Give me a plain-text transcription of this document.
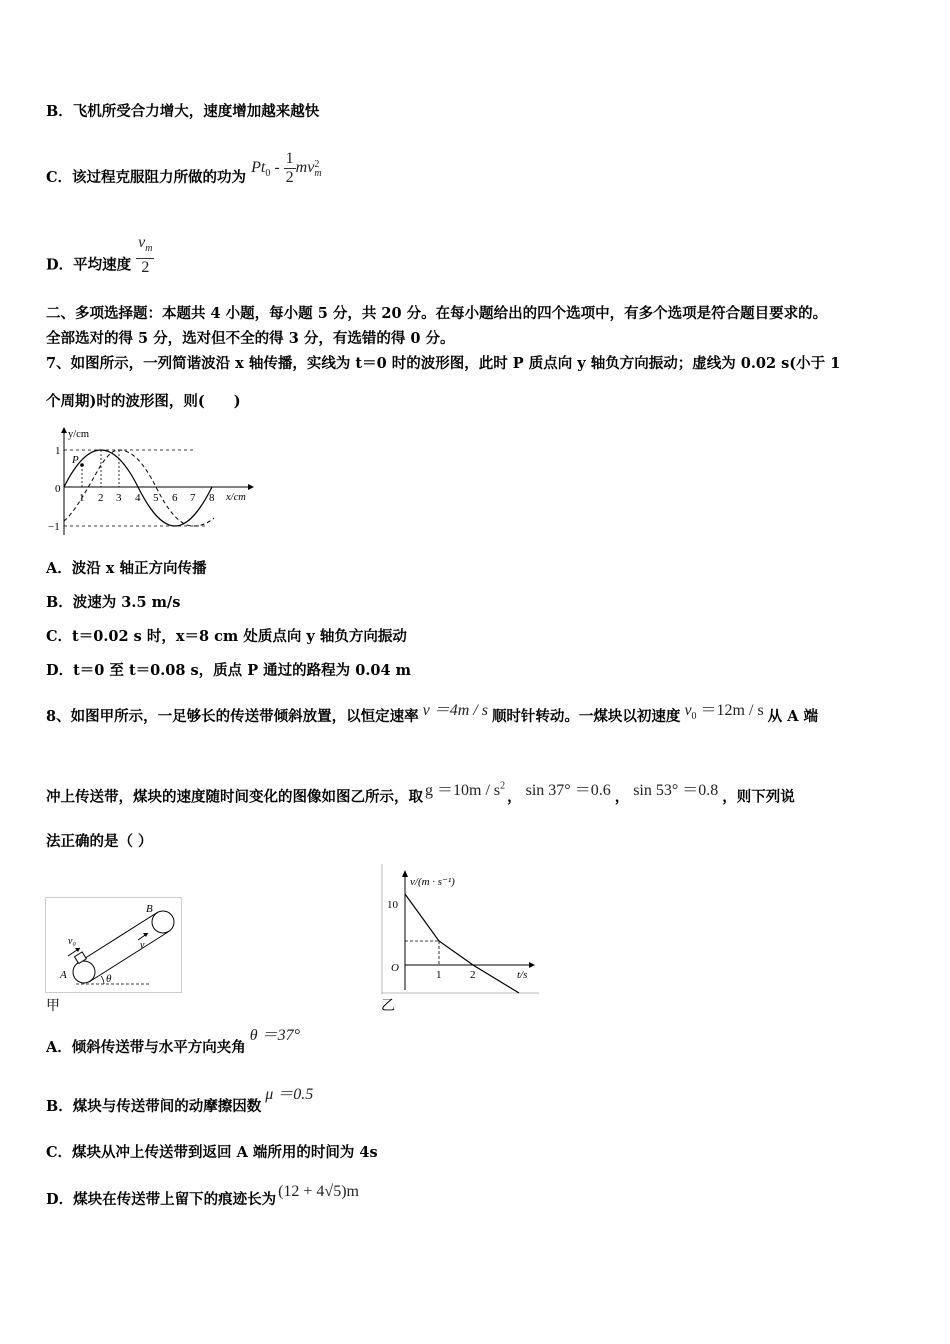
B．飞机所受合力增大，速度增加越来越快
C．该过程克服阻力所做的功为 $Pt_0 - \frac{1}{2}$ mv 2
m
D．平均速度 $\frac{v_m}{2}$
二、多项选择题：本题共 4 小题，每小题 5 分，共 20 分。在每小题给出的四个选项中，有多个选项是符合题目要求的。
全部选对的得 5 分，选对但不全的得 3 分，有选错的得 0 分。
7、如图所示，一列简谐波沿 x 轴传播，实线为 t＝0 时的波形图，此时 P 质点向 y 轴负方向振动；虚线为 0.02 s(小于 1
个周期)时的波形图，则(　　)
P
y/cm
x/cm
1
0
−1
1 2 3 4 5 6 7 8
A．波沿 x 轴正方向传播
B．波速为 3.5 m/s
C．t＝0.02 s 时，x＝8 cm 处质点向 y 轴负方向振动
D．t＝0 至 t＝0.08 s，质点 P 通过的路程为 0.04 m
8、如图甲所示，一足够长的传送带倾斜放置，以恒定速率 v ＝4m / s 顺时针转动。一煤块以初速度 $v_0 =12m / s$ 从 A 端
冲上传送带，煤块的速度随时间变化的图像如图乙所示，取 $g =10m / s^2$， sin 37° ＝0.6 ， sin 53° ＝0.8 ，则下列说
法正确的是（ ）
θ
B
A
v₀	v
甲
v/(m · s⁻¹)
10
O
1	2	t/s
乙
A．倾斜传送带与水平方向夹角θ ＝37°
B．煤块与传送带间的动摩擦因数μ ＝0.5
C．煤块从冲上传送带到返回 A 端所用的时间为 4s
D．煤块在传送带上留下的痕迹长为 (12 + 4√5)m
